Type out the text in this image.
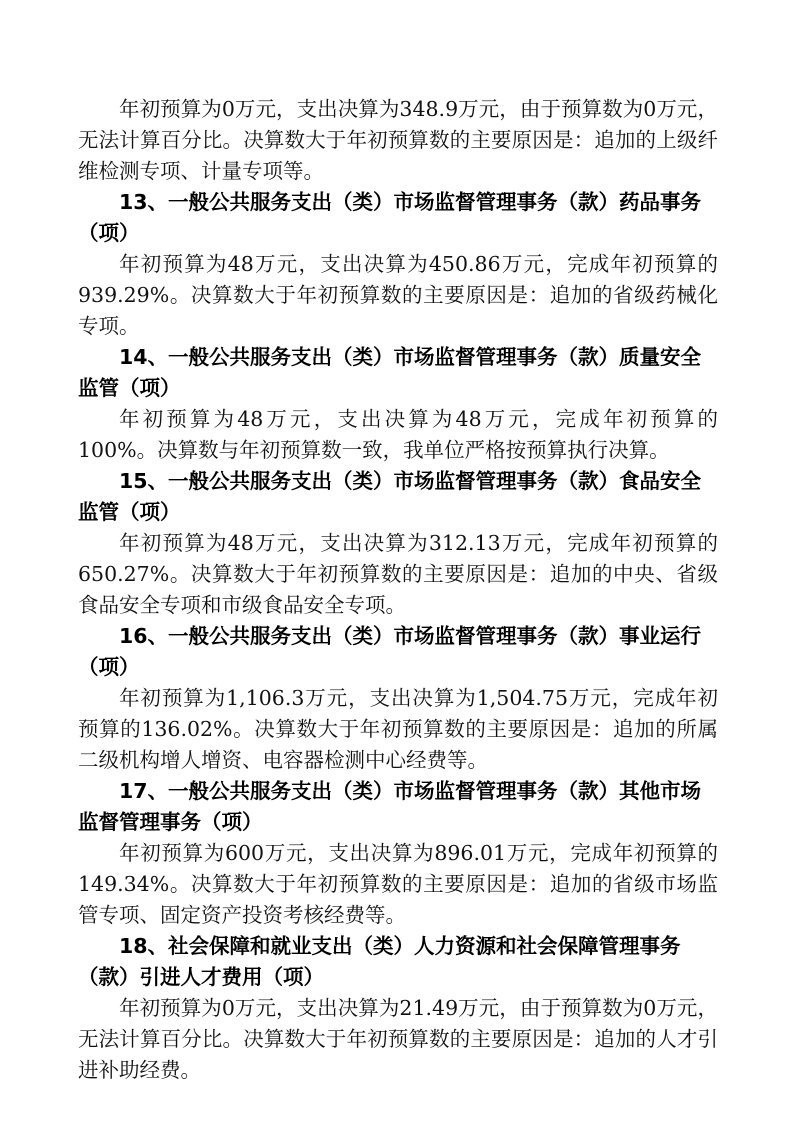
年初预算为0万元，支出决算为348.9万元，由于预算数为0万元，无法计算百分比。决算数大于年初预算数的主要原因是：追加的上级纤维检测专项、计量专项等。

13、一般公共服务支出（类）市场监督管理事务（款）药品事务（项）

年初预算为48万元，支出决算为450.86万元，完成年初预算的939.29%。决算数大于年初预算数的主要原因是：追加的省级药械化专项。

14、一般公共服务支出（类）市场监督管理事务（款）质量安全监管（项）

年初预算为48万元，支出决算为48万元，完成年初预算的100%。决算数与年初预算数一致，我单位严格按预算执行决算。

15、一般公共服务支出（类）市场监督管理事务（款）食品安全监管（项）

年初预算为48万元，支出决算为312.13万元，完成年初预算的650.27%。决算数大于年初预算数的主要原因是：追加的中央、省级食品安全专项和市级食品安全专项。

16、一般公共服务支出（类）市场监督管理事务（款）事业运行（项）

年初预算为1,106.3万元，支出决算为1,504.75万元，完成年初预算的136.02%。决算数大于年初预算数的主要原因是：追加的所属二级机构增人增资、电容器检测中心经费等。

17、一般公共服务支出（类）市场监督管理事务（款）其他市场监督管理事务（项）

年初预算为600万元，支出决算为896.01万元，完成年初预算的149.34%。决算数大于年初预算数的主要原因是：追加的省级市场监管专项、固定资产投资考核经费等。

18、社会保障和就业支出（类）人力资源和社会保障管理事务（款）引进人才费用（项）

年初预算为0万元，支出决算为21.49万元，由于预算数为0万元，无法计算百分比。决算数大于年初预算数的主要原因是：追加的人才引进补助经费。
